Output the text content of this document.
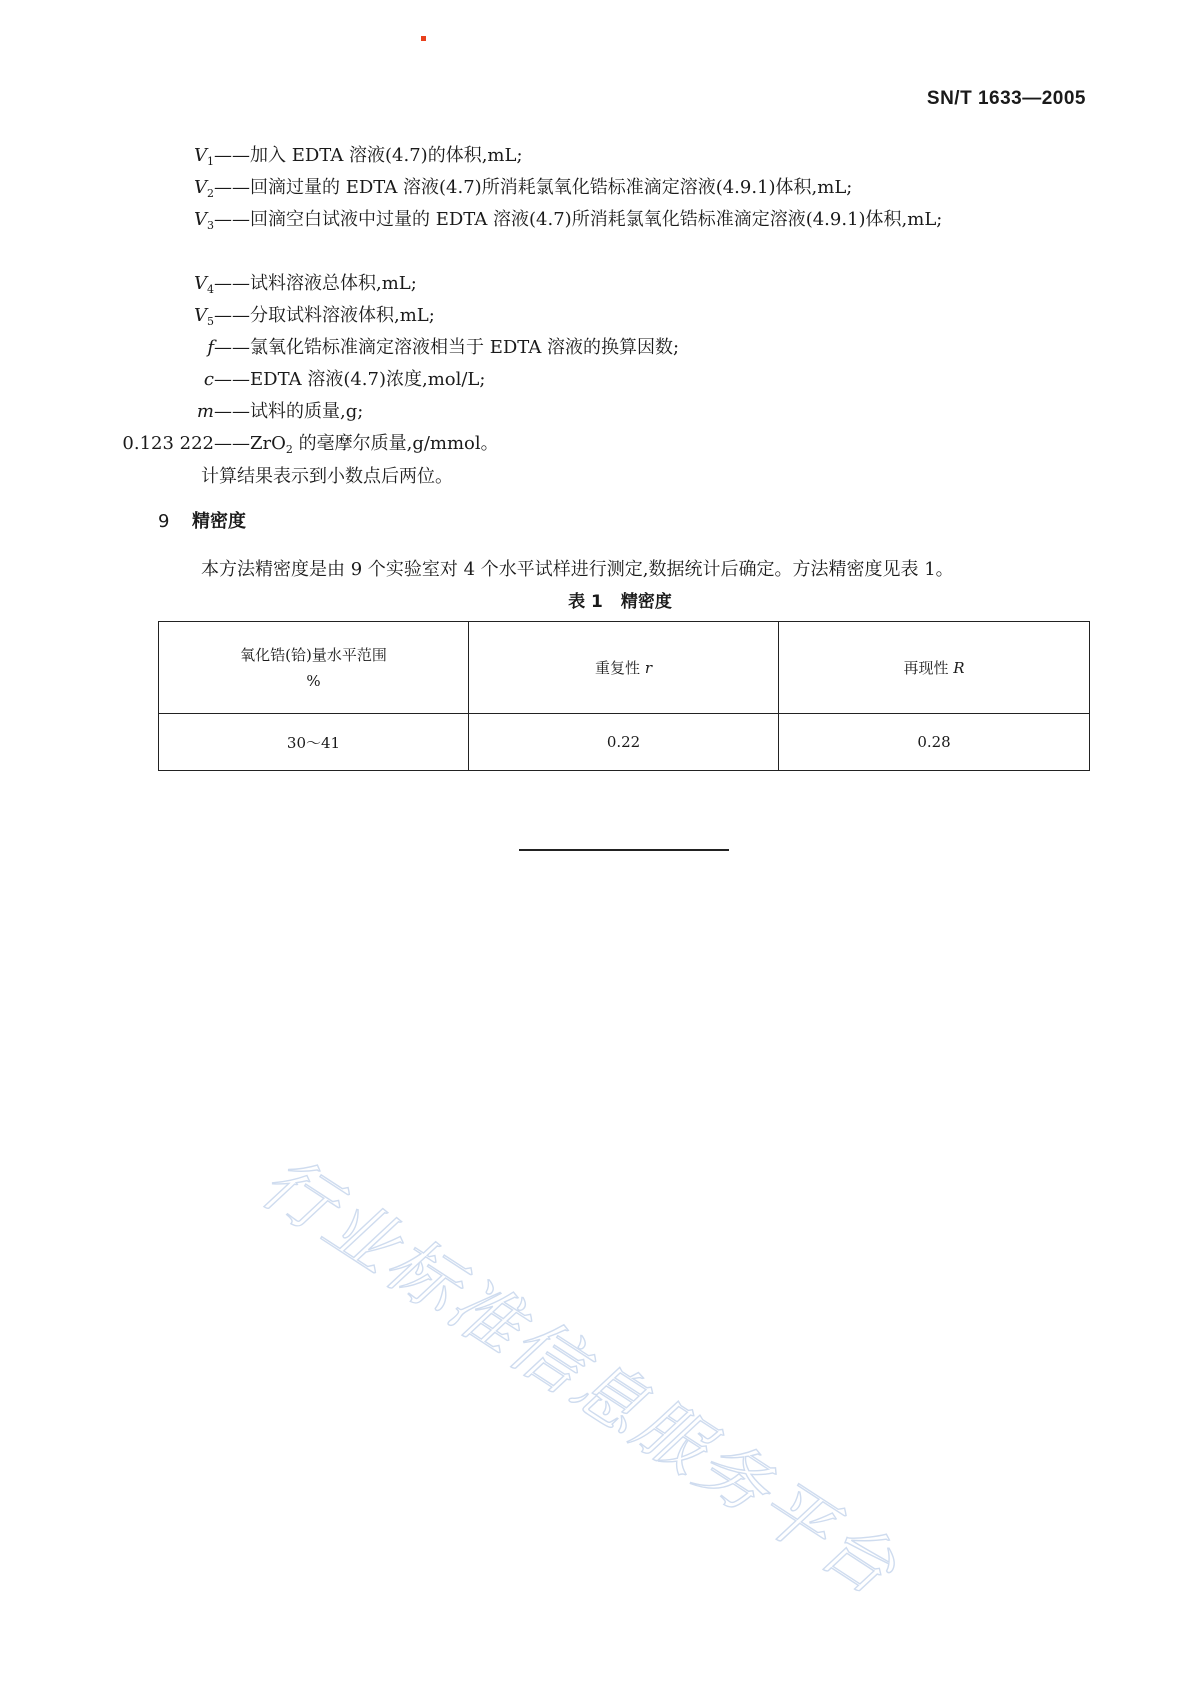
SN/T 1633—2005
$V_1——$ 加入 EDTA 溶液(4.7)的体积,mL;
$V_2——$ 回滴过量的 EDTA 溶液(4.7)所消耗氯氧化锆标准滴定溶液(4.9.1)体积,mL;
$V_3——$ 回滴空白试液中过量的 EDTA 溶液(4.7)所消耗氯氧化锆标准滴定溶液(4.9.1)体积,mL;
$V_4——$ 试料溶液总体积,mL;
$V_5——$ 分取试料溶液体积,mL;
f—— 氯氧化锆标准滴定溶液相当于 EDTA 溶液的换算因数;
c—— EDTA 溶液(4.7)浓度,mol/L;
m—— 试料的质量,g;
0.123 222—— ZrO$_2$ 的毫摩尔质量,g/mmol。
计算结果表示到小数点后两位。
9 精密度
本方法精密度是由 9 个实验室对 4 个水平试样进行测定,数据统计后确定。方法精密度见表 1。
表 1 精密度
氧化锆(铪)量水平范围
%	重复性 r	再现性 R
30～41	0.22	0.28
行业标准信息服务平台
